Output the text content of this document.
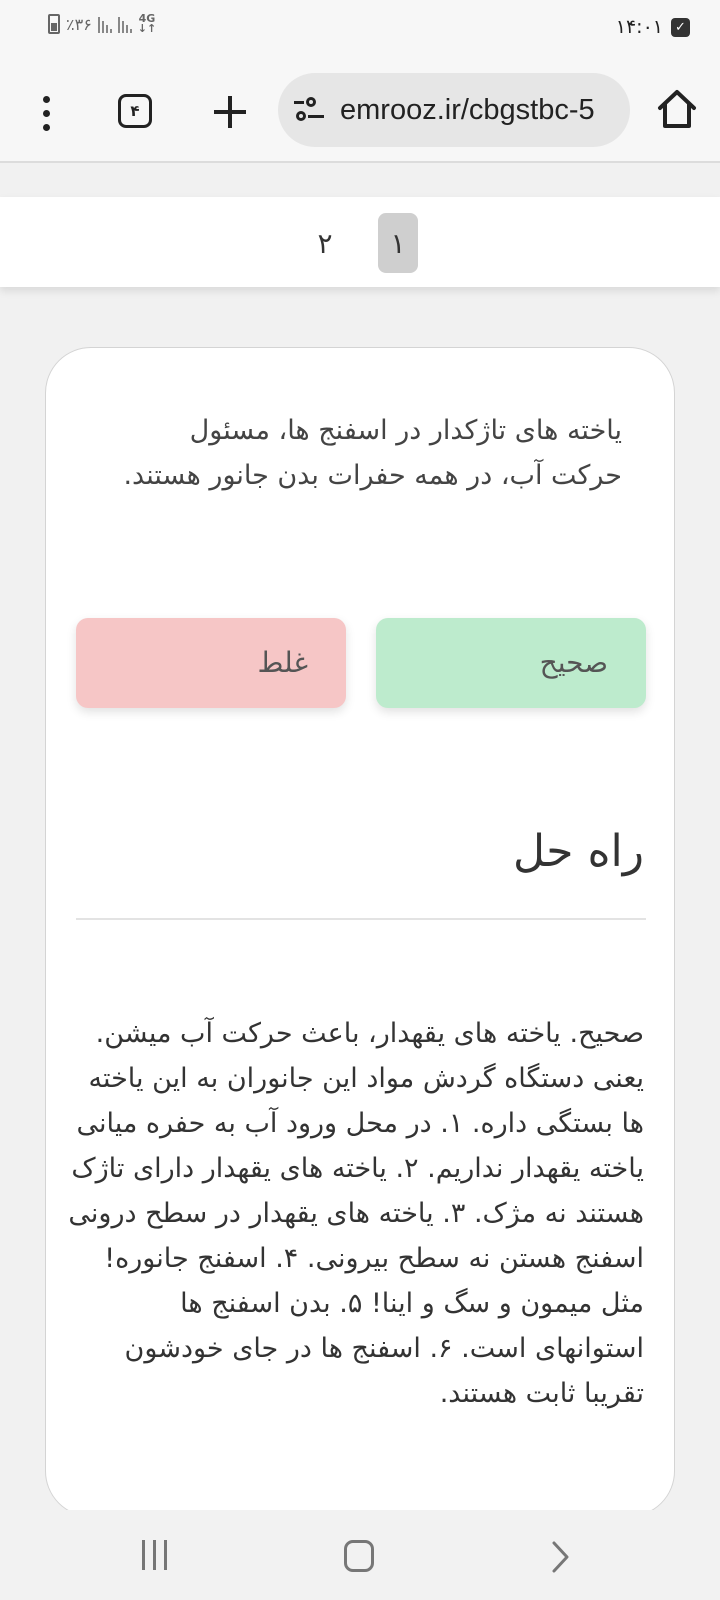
۱۴:۰۱ ✓
٪۳۶	4G
↓↑
۴	emrooz.ir/cbgstbc-5
۱
۲

یاخته های تاژکدار در اسفنج ها، مسئول حرکت آب، در همه حفرات بدن جانور هستند.

صحیح
غلط
راه حل

صحیح. یاخته های یقهدار، باعث حرکت آب میشن. یعنی دستگاه گردش مواد این جانوران به این یاخته ها بستگی داره. ۱. در محل ورود آب به حفره میانی یاخته یقهدار نداریم. ۲. یاخته های یقهدار دارای تاژک هستند نه مژک. ۳. یاخته های یقهدار در سطح درونی اسفنج هستن نه سطح بیرونی. ۴. اسفنج جانوره! مثل میمون و سگ و اینا! ۵. بدن اسفنج ها استوانهای است. ۶. اسفنج ها در جای خودشون تقریبا ثابت هستند.
